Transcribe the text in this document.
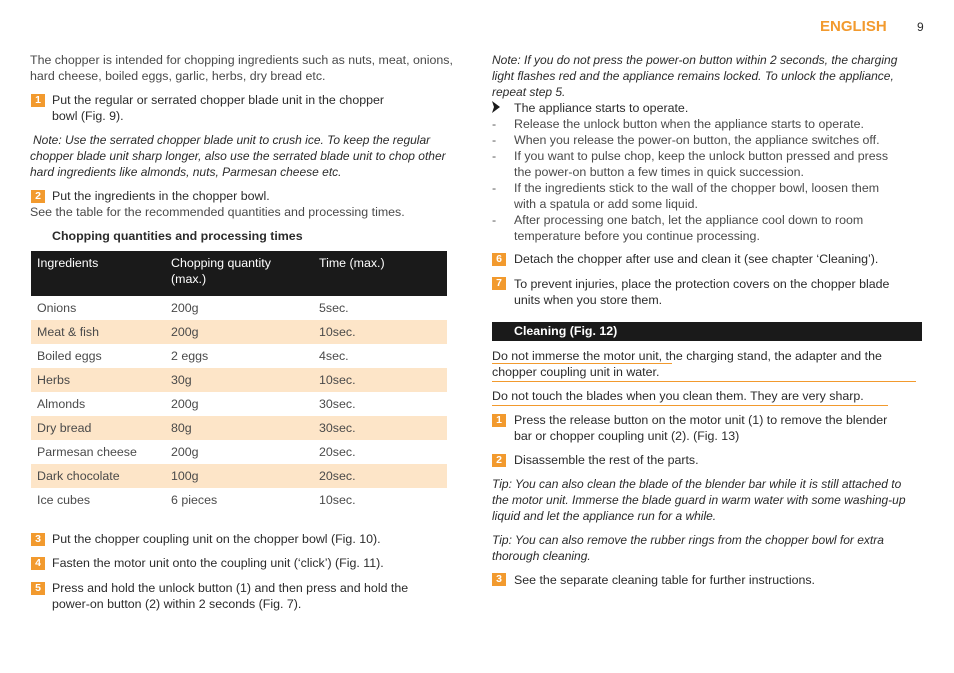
ENGLISH	9
The chopper is intended for chopping ingredients such as nuts, meat, onions, hard cheese, boiled eggs, garlic, herbs, dry bread etc.
1 Put the regular or serrated chopper blade unit in the chopper
bowl (Fig. 9).
Note: Use the serrated chopper blade unit to crush ice. To keep the regular
chopper blade unit sharp longer, also use the serrated blade unit to chop other
hard ingredients like almonds, nuts, Parmesan cheese etc.
2 Put the ingredients in the chopper bowl.
See the table for the recommended quantities and processing times.
Chopping quantities and processing times
Ingredients	Chopping quantity (max.)	Time (max.)
Onions	200g	5sec.
Meat & fish	200g	10sec.
Boiled eggs	2 eggs	4sec.
Herbs	30g	10sec.
Almonds	200g	30sec.
Dry bread	80g	30sec.
Parmesan cheese	200g	20sec.
Dark chocolate	100g	20sec.
Ice cubes	6 pieces	10sec.
3 Put the chopper coupling unit on the chopper bowl (Fig. 10).
4 Fasten the motor unit onto the coupling unit (‘click’) (Fig. 11).
5 Press and hold the unlock button (1) and then press and hold the
power-on button (2) within 2 seconds (Fig. 7).
Note: If you do not press the power-on button within 2 seconds, the charging
light flashes red and the appliance remains locked. To unlock the appliance,
repeat step 5.
The appliance starts to operate.
-	Release the unlock button when the appliance starts to operate.
-	When you release the power-on button, the appliance switches off.
-	If you want to pulse chop, keep the unlock button pressed and press
the power-on button a few times in quick succession.
-	If the ingredients stick to the wall of the chopper bowl, loosen them
with a spatula or add some liquid.
-	After processing one batch, let the appliance cool down to room
temperature before you continue processing.
6 Detach the chopper after use and clean it (see chapter ‘Cleaning’).
7 To prevent injuries, place the protection covers on the chopper blade
units when you store them.
Cleaning (Fig. 12)
Do not immerse the motor unit, the charging stand, the adapter and the
chopper coupling unit in water.
Do not touch the blades when you clean them. They are very sharp.
1 Press the release button on the motor unit (1) to remove the blender
bar or chopper coupling unit (2). (Fig. 13)
2 Disassemble the rest of the parts.
Tip: You can also clean the blade of the blender bar while it is still attached to
the motor unit. Immerse the blade guard in warm water with some washing-up
liquid and let the appliance run for a while.
Tip: You can also remove the rubber rings from the chopper bowl for extra
thorough cleaning.
3 See the separate cleaning table for further instructions.
